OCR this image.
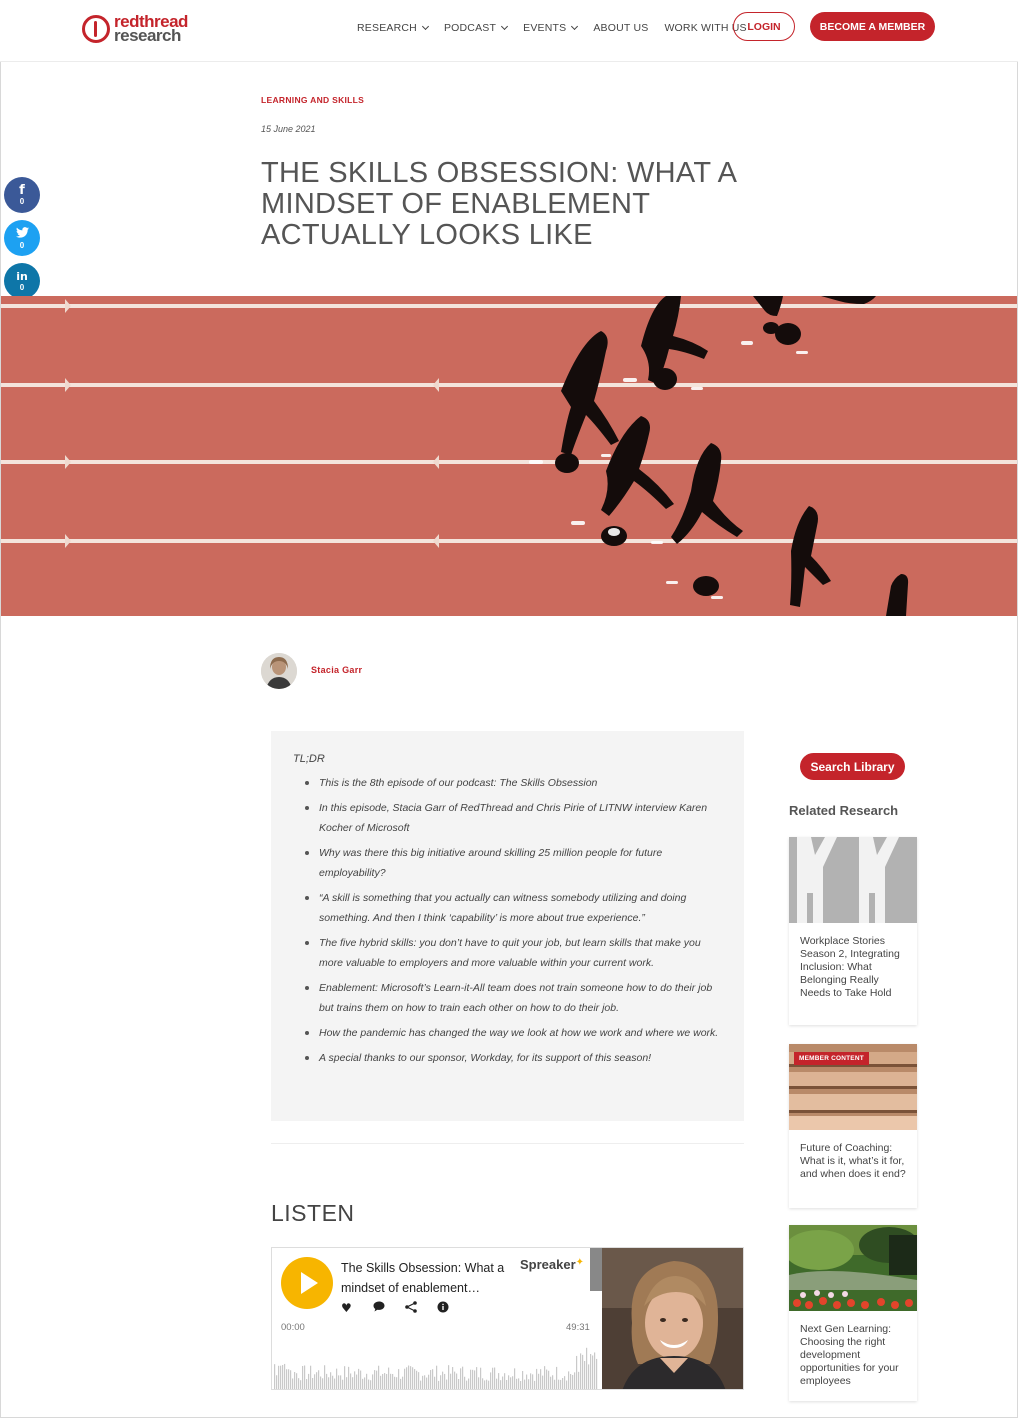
redthread
research	RESEARCH	PODCAST	EVENTS	ABOUT US WORK WITH US LOGIN	BECOME A MEMBER
f
0
0
in
0
LEARNING AND SKILLS
15 June 2021
THE SKILLS OBSESSION: WHAT A MINDSET OF ENABLEMENT ACTUALLY LOOKS LIKE
Stacia Garr
TL;DR
This is the 8th episode of our podcast: The Skills Obsession
In this episode, Stacia Garr of RedThread and Chris Pirie of LITNW interview Karen Kocher of Microsoft
Why was there this big initiative around skilling 25 million people for future employability?
“A skill is something that you actually can witness somebody utilizing and doing something. And then I think ‘capability’ is more about true experience.”
The five hybrid skills: you don’t have to quit your job, but learn skills that make you more valuable to employers and more valuable within your current work.
Enablement: Microsoft’s Learn-it-All team does not train someone how to do their job but trains them on how to train each other on how to do their job.
How the pandemic has changed the way we look at how we work and where we work.
A special thanks to our sponsor, Workday, for its support of this season!
LISTEN
The Skills Obsession: What a mindset of enablement…
Spreaker✦
♥
00:00	49:31
Search Library
Related Research
Workplace Stories Season 2, Integrating Inclusion: What Belonging Really Needs to Take Hold
MEMBER CONTENT
Future of Coaching: What is it, what’s it for, and when does it end?
Next Gen Learning: Choosing the right development opportunities for your employees
